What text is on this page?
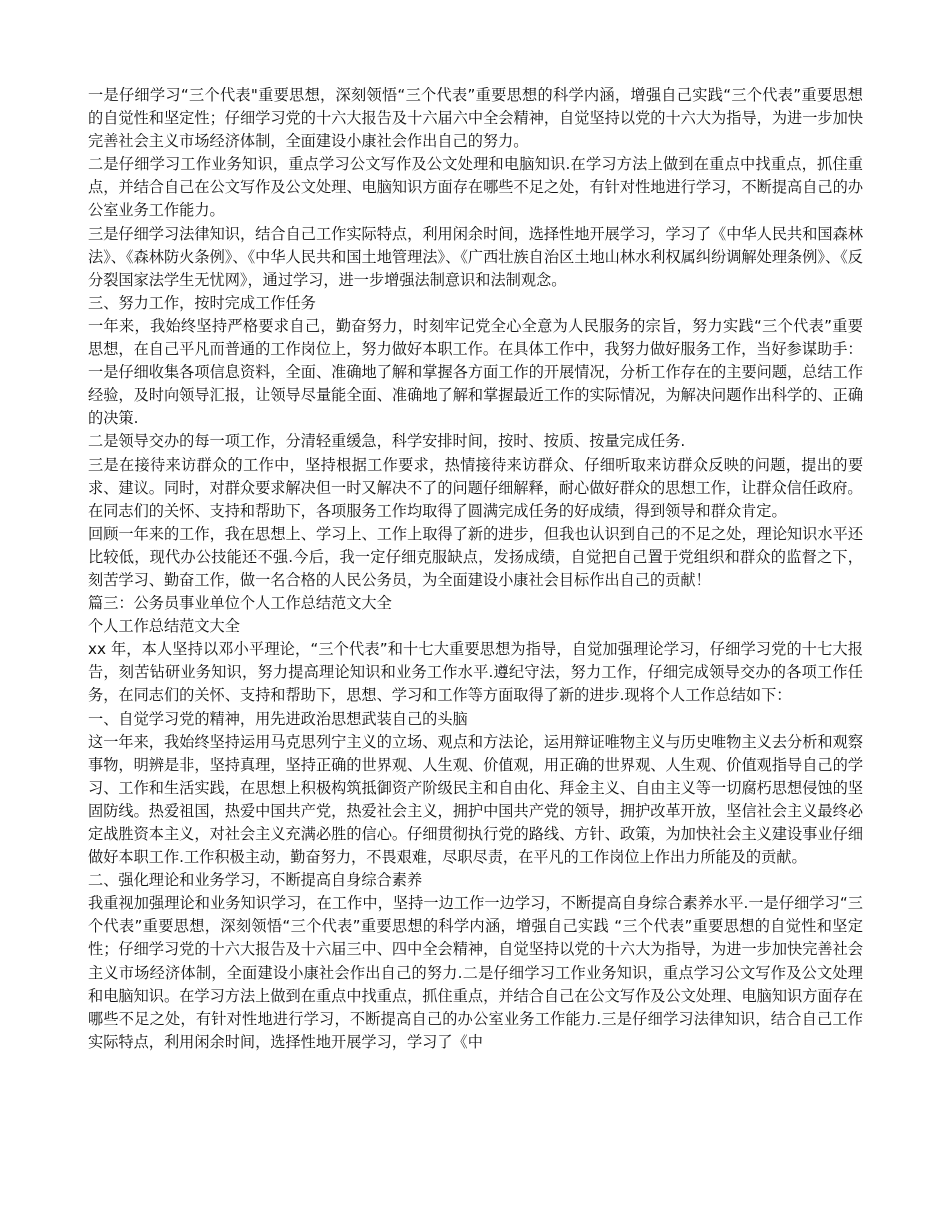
一是仔细学习“三个代表"重要思想，深刻领悟“三个代表”重要思想的科学内涵，增强自己实践“三个代表”重要思想的自觉性和坚定性；仔细学习党的十六大报告及十六届六中全会精神，自觉坚持以党的十六大为指导，为进一步加快完善社会主义市场经济体制，全面建设小康社会作出自己的努力。

二是仔细学习工作业务知识，重点学习公文写作及公文处理和电脑知识.在学习方法上做到在重点中找重点，抓住重点，并结合自己在公文写作及公文处理、电脑知识方面存在哪些不足之处，有针对性地进行学习，不断提高自己的办公室业务工作能力。

三是仔细学习法律知识，结合自己工作实际特点，利用闲余时间，选择性地开展学习，学习了《中华人民共和国森林法》、《森林防火条例》、《中华人民共和国土地管理法》、《广西壮族自治区土地山林水利权属纠纷调解处理条例》、《反分裂国家法学生无忧网》，通过学习，进一步增强法制意识和法制观念。

三、努力工作，按时完成工作任务

一年来，我始终坚持严格要求自己，勤奋努力，时刻牢记党全心全意为人民服务的宗旨，努力实践“三个代表”重要思想，在自己平凡而普通的工作岗位上，努力做好本职工作。在具体工作中，我努力做好服务工作，当好参谋助手：

一是仔细收集各项信息资料，全面、准确地了解和掌握各方面工作的开展情况，分析工作存在的主要问题，总结工作经验，及时向领导汇报，让领导尽量能全面、准确地了解和掌握最近工作的实际情况，为解决问题作出科学的、正确的决策.

二是领导交办的每一项工作，分清轻重缓急，科学安排时间，按时、按质、按量完成任务.

三是在接待来访群众的工作中，坚持根据工作要求，热情接待来访群众、仔细听取来访群众反映的问题，提出的要求、建议。同时，对群众要求解决但一时又解决不了的问题仔细解释，耐心做好群众的思想工作，让群众信任政府。

在同志们的关怀、支持和帮助下，各项服务工作均取得了圆满完成任务的好成绩，得到领导和群众肯定。

回顾一年来的工作，我在思想上、学习上、工作上取得了新的进步，但我也认识到自己的不足之处，理论知识水平还比较低，现代办公技能还不强.今后，我一定仔细克服缺点，发扬成绩，自觉把自己置于党组织和群众的监督之下，刻苦学习、勤奋工作，做一名合格的人民公务员，为全面建设小康社会目标作出自己的贡献！

篇三：公务员事业单位个人工作总结范文大全

个人工作总结范文大全

xx 年，本人坚持以邓小平理论，“三个代表”和十七大重要思想为指导，自觉加强理论学习，仔细学习党的十七大报告，刻苦钻研业务知识，努力提高理论知识和业务工作水平.遵纪守法，努力工作，仔细完成领导交办的各项工作任务，在同志们的关怀、支持和帮助下，思想、学习和工作等方面取得了新的进步.现将个人工作总结如下：

一、自觉学习党的精神，用先进政治思想武装自己的头脑

这一年来，我始终坚持运用马克思列宁主义的立场、观点和方法论，运用辩证唯物主义与历史唯物主义去分析和观察事物，明辨是非，坚持真理，坚持正确的世界观、人生观、价值观，用正确的世界观、人生观、价值观指导自己的学习、工作和生活实践，在思想上积极构筑抵御资产阶级民主和自由化、拜金主义、自由主义等一切腐朽思想侵蚀的坚固防线。热爱祖国，热爱中国共产党，热爱社会主义，拥护中国共产党的领导，拥护改革开放，坚信社会主义最终必定战胜资本主义，对社会主义充满必胜的信心。仔细贯彻执行党的路线、方针、政策，为加快社会主义建设事业仔细做好本职工作.工作积极主动，勤奋努力，不畏艰难，尽职尽责，在平凡的工作岗位上作出力所能及的贡献。

二、强化理论和业务学习，不断提高自身综合素养

我重视加强理论和业务知识学习，在工作中，坚持一边工作一边学习，不断提高自身综合素养水平.一是仔细学习“三个代表”重要思想，深刻领悟“三个代表”重要思想的科学内涵，增强自己实践 “三个代表”重要思想的自觉性和坚定性；仔细学习党的十六大报告及十六届三中、四中全会精神，自觉坚持以党的十六大为指导，为进一步加快完善社会主义市场经济体制，全面建设小康社会作出自己的努力.二是仔细学习工作业务知识，重点学习公文写作及公文处理和电脑知识。在学习方法上做到在重点中找重点，抓住重点，并结合自己在公文写作及公文处理、电脑知识方面存在哪些不足之处，有针对性地进行学习，不断提高自己的办公室业务工作能力.三是仔细学习法律知识，结合自己工作实际特点，利用闲余时间，选择性地开展学习，学习了《中
